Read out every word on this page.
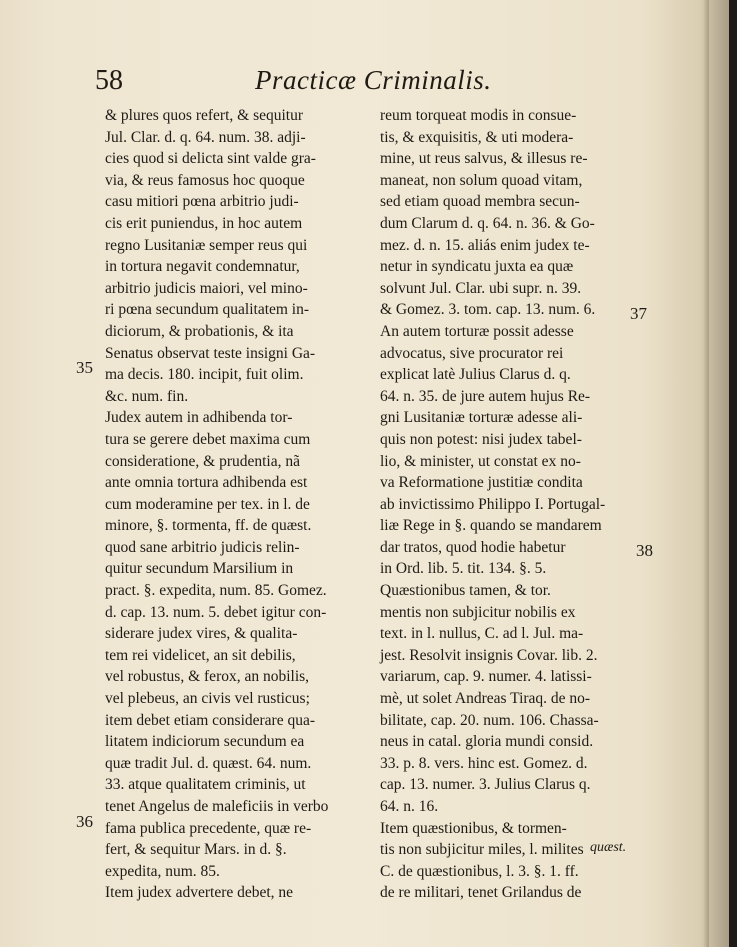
58	Practicæ Criminalis.
& plures quos refert, & sequitur
Jul. Clar. d. q. 64. num. 38. adji-
cies quod si delicta sint valde gra-
via, & reus famosus hoc quoque
casu mitiori pœna arbitrio judi-
cis erit puniendus, in hoc autem
regno Lusitaniæ semper reus qui
in tortura negavit condemnatur,
arbitrio judicis maiori, vel mino-
ri pœna secundum qualitatem in-
diciorum, & probationis, & ita
Senatus observat teste insigni Ga-
ma decis. 180. incipit, fuit olim.
&c. num. fin.
Judex autem in adhibenda tor-
tura se gerere debet maxima cum
consideratione, & prudentia, nã
ante omnia tortura adhibenda est
cum moderamine per tex. in l. de
minore, §. tormenta, ff. de quæst.
quod sane arbitrio judicis relin-
quitur secundum Marsilium in
pract. §. expedita, num. 85. Gomez.
d. cap. 13. num. 5. debet igitur con-
siderare judex vires, & qualita-
tem rei videlicet, an sit debilis,
vel robustus, & ferox, an nobilis,
vel plebeus, an civis vel rusticus;
item debet etiam considerare qua-
litatem indiciorum secundum ea
quæ tradit Jul. d. quæst. 64. num.
33. atque qualitatem criminis, ut
tenet Angelus de maleficiis in verbo
fama publica precedente, quæ re-
fert, & sequitur Mars. in d. §.
expedita, num. 85.
Item judex advertere debet, ne
reum torqueat modis in consue-
tis, & exquisitis, & uti modera-
mine, ut reus salvus, & illesus re-
maneat, non solum quoad vitam,
sed etiam quoad membra secun-
dum Clarum d. q. 64. n. 36. & Go-
mez. d. n. 15. aliás enim judex te-
netur in syndicatu juxta ea quæ
solvunt Jul. Clar. ubi supr. n. 39.
& Gomez. 3. tom. cap. 13. num. 6.
An autem torturæ possit adesse
advocatus, sive procurator rei
explicat latè Julius Clarus d. q.
64. n. 35. de jure autem hujus Re-
gni Lusitaniæ torturæ adesse ali-
quis non potest: nisi judex tabel-
lio, & minister, ut constat ex no-
va Reformatione justitiæ condita
ab invictissimo Philippo I. Portugal-
liæ Rege in §. quando se mandarem
dar tratos, quod hodie habetur
in Ord. lib. 5. tit. 134. §. 5.
Quæstionibus tamen, & tor.
mentis non subjicitur nobilis ex
text. in l. nullus, C. ad l. Jul. ma-
jest. Resolvit insignis Covar. lib. 2.
variarum, cap. 9. numer. 4. latissi-
mè, ut solet Andreas Tiraq. de no-
bilitate, cap. 20. num. 106. Chassa-
neus in catal. gloria mundi consid.
33. p. 8. vers. hinc est. Gomez. d.
cap. 13. numer. 3. Julius Clarus q.
64. n. 16.
Item quæstionibus, & tormen-
tis non subjicitur miles, l. milites
C. de quæstionibus, l. 3. §. 1. ff.
de re militari, tenet Grilandus de
35
36
37
38
quæst.
